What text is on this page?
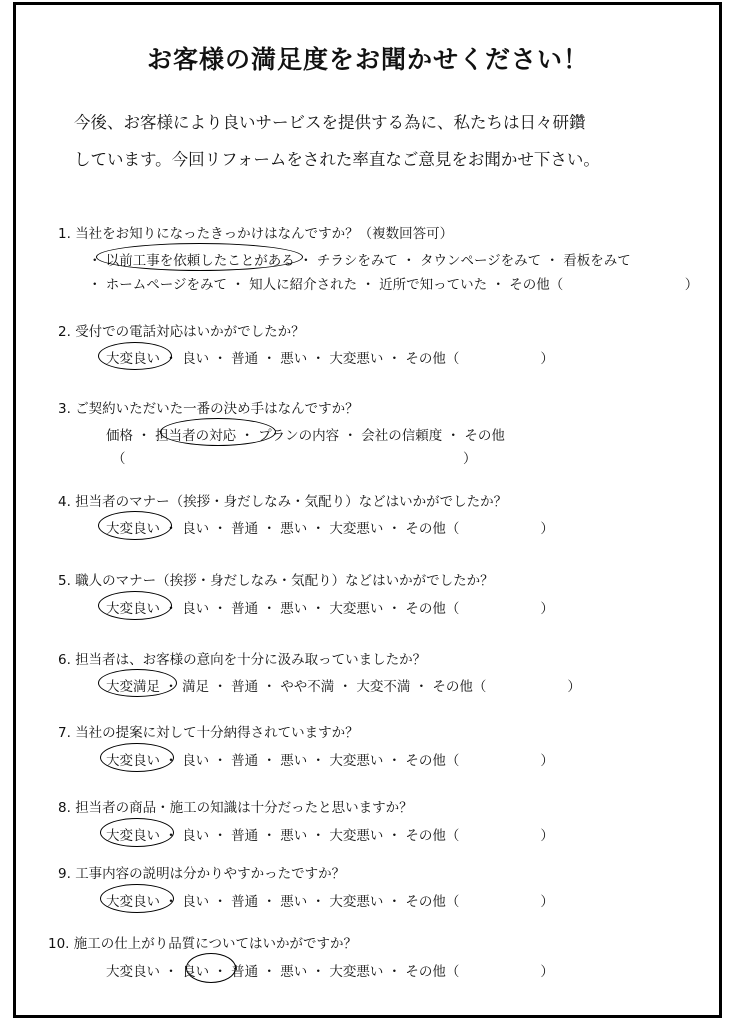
お客様の満足度をお聞かせください！
今後、お客様により良いサービスを提供する為に、私たちは日々研鑽
しています。今回リフォームをされた率直なご意見をお聞かせ下さい。
1. 当社をお知りになったきっかけはなんですか？（複数回答可）
・ 以前工事を依頼したことがある ・ チラシをみて ・ タウンページをみて ・ 看板をみて
・ ホームページをみて ・ 知人に紹介された ・ 近所で知っていた ・ その他（　　　　　　　　　）
2. 受付での電話対応はいかがでしたか？
大変良い ・ 良い ・ 普通 ・ 悪い ・ 大変悪い ・ その他（　　　　　　）
3. ご契約いただいた一番の決め手はなんですか？
価格 ・ 担当者の対応 ・ プランの内容 ・ 会社の信頼度 ・ その他
（　　　　　　　　　　　　　　　　　　　　　　　　　）
4. 担当者のマナー（挨拶・身だしなみ・気配り）などはいかがでしたか？
大変良い ・ 良い ・ 普通 ・ 悪い ・ 大変悪い ・ その他（　　　　　　）
5. 職人のマナー（挨拶・身だしなみ・気配り）などはいかがでしたか？
大変良い ・ 良い ・ 普通 ・ 悪い ・ 大変悪い ・ その他（　　　　　　）
6. 担当者は、お客様の意向を十分に汲み取っていましたか？
大変満足 ・ 満足 ・ 普通 ・ やや不満 ・ 大変不満 ・ その他（　　　　　　）
7. 当社の提案に対して十分納得されていますか？
大変良い ・ 良い ・ 普通 ・ 悪い ・ 大変悪い ・ その他（　　　　　　）
8. 担当者の商品・施工の知識は十分だったと思いますか？
大変良い ・ 良い ・ 普通 ・ 悪い ・ 大変悪い ・ その他（　　　　　　）
9. 工事内容の説明は分かりやすかったですか？
大変良い ・ 良い ・ 普通 ・ 悪い ・ 大変悪い ・ その他（　　　　　　）
10. 施工の仕上がり品質についてはいかがですか？
大変良い ・ 良い ・ 普通 ・ 悪い ・ 大変悪い ・ その他（　　　　　　）
